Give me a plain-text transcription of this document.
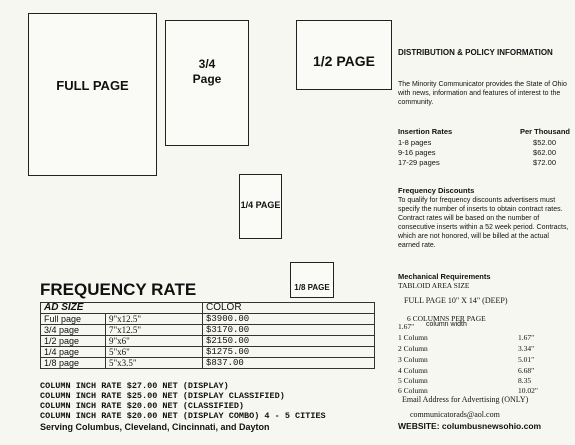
FULL PAGE
3/4
Page
1/2 PAGE
1/4 PAGE
1/8 PAGE
FREQUENCY RATE
AD SIZE		COLOR
Full page	9"x12.5"	$3900.00
3/4 page	7"x12.5"	$3170.00
1/2 page	9"x6"	$2150.00
1/4 page	5"x6"	$1275.00
1/8 page	5"x3.5"	$837.00
COLUMN INCH RATE $27.00 NET (DISPLAY)
COLUMN INCH RATE $25.00 NET (DISPLAY CLASSIFIED)
COLUMN INCH RATE $20.00 NET (CLASSIFIED)
COLUMN INCH RATE $20.00 NET (DISPLAY COMBO) 4 - 5 CITIES
Serving Columbus, Cleveland, Cincinnati, and Dayton
DISTRIBUTION & POLICY INFORMATION
The Minority Communicator provides the State of Ohio with news, information and features of interest to the community.
Insertion Rates	Per Thousand
1-8 pages	$52.00
9-16 pages	$62.00
17-29 pages	$72.00
Frequency Discounts
To qualify for frequency discounts advertisers must specify the number of inserts to obtain contract rates. Contract rates will be based on the number of consecutive inserts within a 52 week period. Contracts, which are not honored, will be billed at the actual earned rate.
Mechanical Requirements
TABLOID AREA SIZE
FULL PAGE 10" X 14" (DEEP)
6 COLUMNS PER PAGE
1.67" column width
1 Column	1.67"
2 Column	3.34"
3 Column	5.01"
4 Column	6.68"
5 Column	8.35
6 Column	10.02"
Email Address for Advertising (ONLY)
communicatorads@aol.com
WEBSITE: columbusnewsohio.com
